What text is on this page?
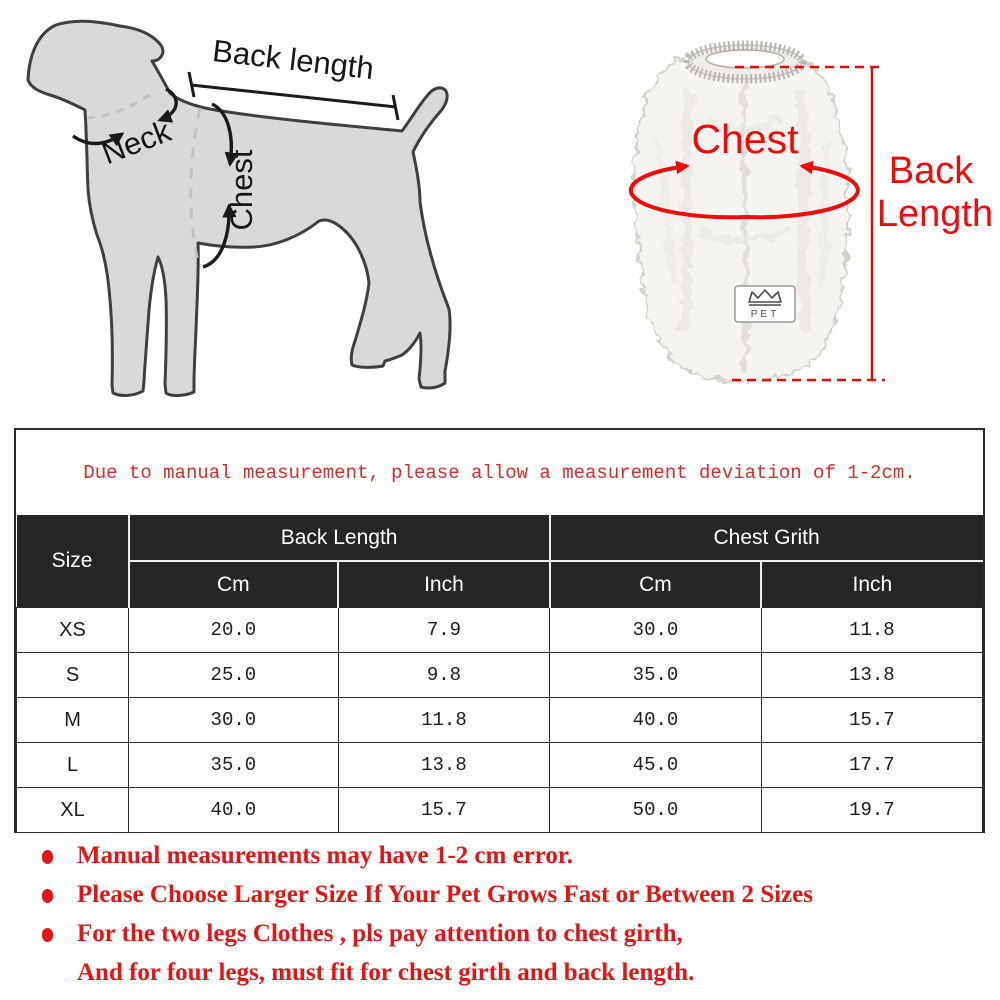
Back length
Neck
Chest
PET
Chest
Back
Length
Due to manual measurement, please allow a measurement deviation of 1-2cm.
Size	Back Length		Chest Grith	
	Cm	Inch	Cm	Inch
XS	20.0	7.9	30.0	11.8
S	25.0	9.8	35.0	13.8
M	30.0	11.8	40.0	15.7
L	35.0	13.8	45.0	17.7
XL	40.0	15.7	50.0	19.7
Manual measurements may have 1-2 cm error.
Please Choose Larger Size If Your Pet Grows Fast or Between 2 Sizes
For the two legs Clothes , pls pay attention to chest girth,
And for four legs, must fit for chest girth and back length.
